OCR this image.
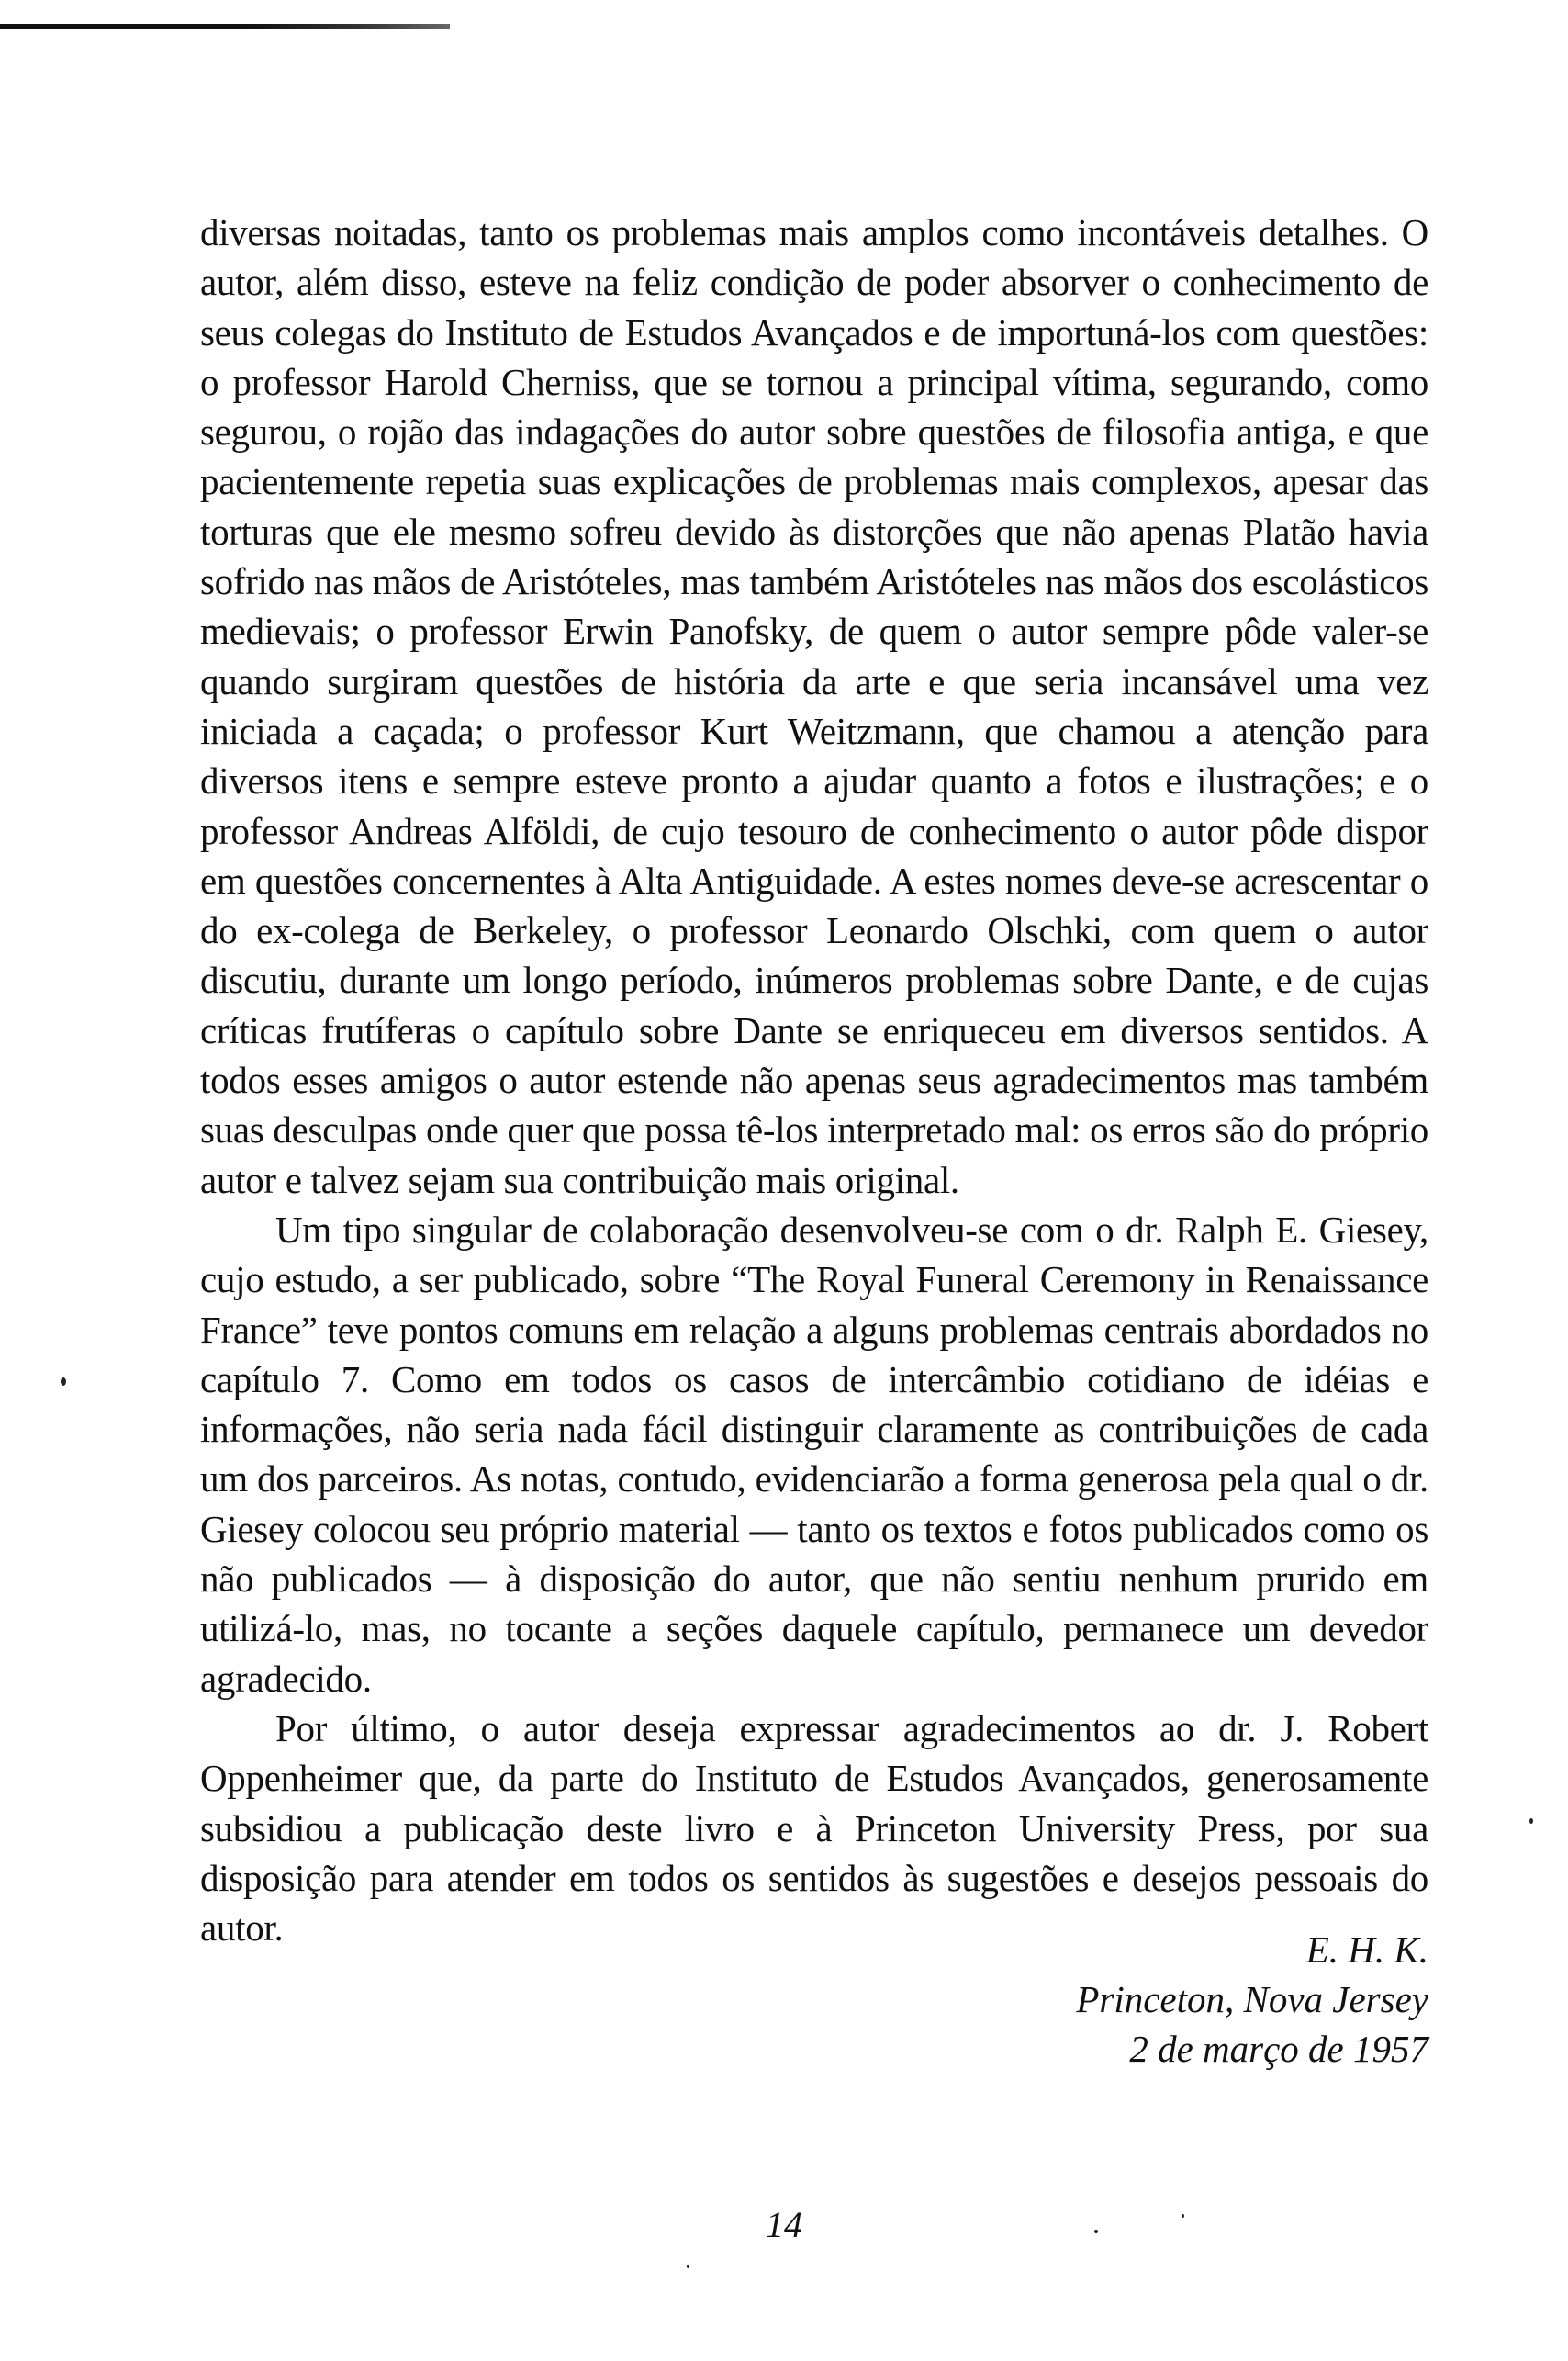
diversas noitadas, tanto os problemas mais amplos como incontáveis detalhes. O autor, além disso, esteve na feliz condição de poder absorver o conhecimento de seus colegas do Instituto de Estudos Avançados e de importuná-los com questões: o professor Harold Cherniss, que se tornou a principal vítima, segurando, como segurou, o rojão das indagações do autor sobre questões de filosofia antiga, e que pacientemente repetia suas explicações de problemas mais complexos, apesar das torturas que ele mesmo sofreu devido às distorções que não apenas Platão havia sofrido nas mãos de Aristóteles, mas também Aristóteles nas mãos dos escolásticos medievais; o professor Erwin Panofsky, de quem o autor sempre pôde valer-se quando surgiram questões de história da arte e que seria incansável uma vez iniciada a caçada; o professor Kurt Weitzmann, que chamou a atenção para diversos itens e sempre esteve pronto a ajudar quanto a fotos e ilustrações; e o professor Andreas Alföldi, de cujo tesouro de conhecimento o autor pôde dispor em questões concernentes à Alta Antiguidade. A estes nomes deve-se acrescentar o do ex-colega de Berkeley, o professor Leonardo Olschki, com quem o autor discutiu, durante um longo período, inúmeros problemas sobre Dante, e de cujas críticas frutíferas o capítulo sobre Dante se enriqueceu em diversos sentidos. A todos esses amigos o autor estende não apenas seus agradecimentos mas também suas desculpas onde quer que possa tê-los interpretado mal: os erros são do próprio autor e talvez sejam sua contribuição mais original.

Um tipo singular de colaboração desenvolveu-se com o dr. Ralph E. Giesey, cujo estudo, a ser publicado, sobre “The Royal Funeral Ceremony in Renaissance France” teve pontos comuns em relação a alguns problemas centrais abordados no capítulo 7. Como em todos os casos de intercâmbio cotidiano de idéias e informações, não seria nada fácil distinguir claramente as contribuições de cada um dos parceiros. As notas, contudo, evidenciarão a forma generosa pela qual o dr. Giesey colocou seu próprio material — tanto os textos e fotos publicados como os não publicados — à disposição do autor, que não sentiu nenhum prurido em utilizá-lo, mas, no tocante a seções daquele capítulo, permanece um devedor agradecido.

Por último, o autor deseja expressar agradecimentos ao dr. J. Robert Oppenheimer que, da parte do Instituto de Estudos Avançados, generosamente subsidiou a publicação deste livro e à Princeton University Press, por sua disposição para atender em todos os sentidos às sugestões e desejos pessoais do autor.

E. H. K.
Princeton, Nova Jersey
2 de março de 1957
14
